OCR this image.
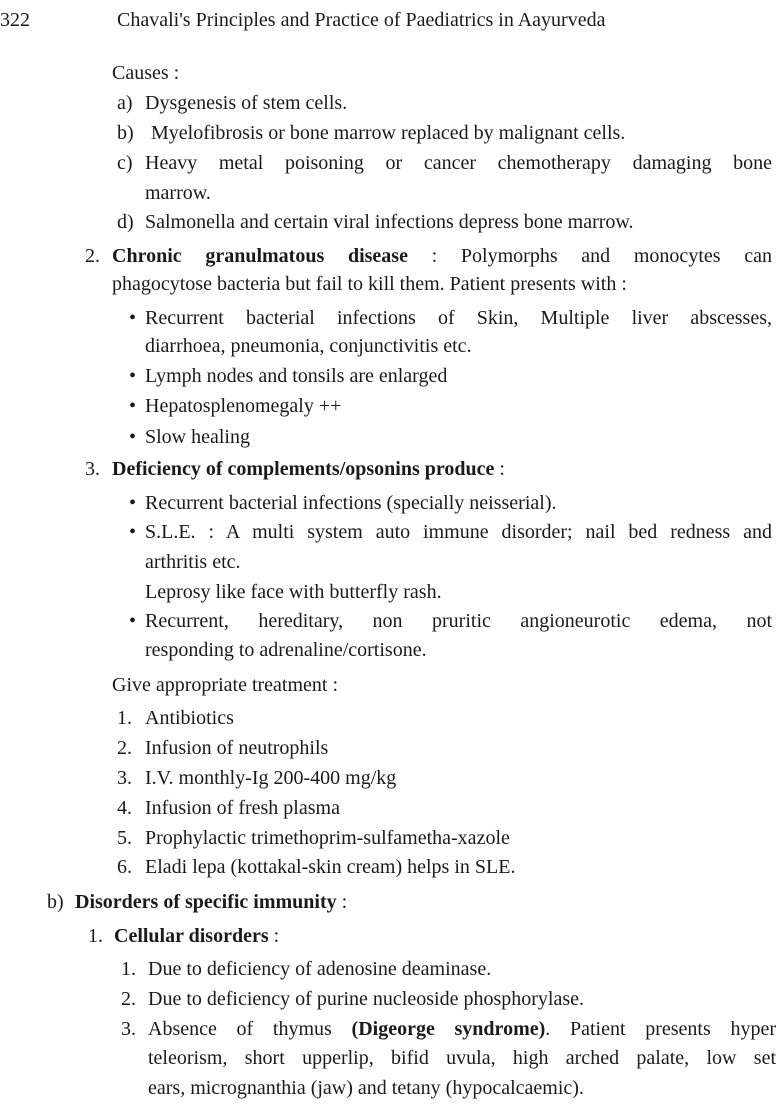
322	Chavali's Principles and Practice of Paediatrics in Aayurveda
Causes :
a) Dysgenesis of stem cells.
b) Myelofibrosis or bone marrow replaced by malignant cells.
c) Heavy metal poisoning or cancer chemotherapy damaging bone
marrow.
d) Salmonella and certain viral infections depress bone marrow.
2. Chronic granulmatous disease : Polymorphs and monocytes can
phagocytose bacteria but fail to kill them. Patient presents with :
• Recurrent bacterial infections of Skin, Multiple liver abscesses,
diarrhoea, pneumonia, conjunctivitis etc.
• Lymph nodes and tonsils are enlarged
• Hepatosplenomegaly ++
• Slow healing
3. Deficiency of complements/opsonins produce :
• Recurrent bacterial infections (specially neisserial).
• S.L.E. : A multi system auto immune disorder; nail bed redness and
arthritis etc.
Leprosy like face with butterfly rash.
• Recurrent, hereditary, non pruritic angioneurotic edema, not
responding to adrenaline/cortisone.
Give appropriate treatment :
1. Antibiotics
2. Infusion of neutrophils
3. I.V. monthly-Ig 200-400 mg/kg
4. Infusion of fresh plasma
5. Prophylactic trimethoprim-sulfametha-xazole
6. Eladi lepa (kottakal-skin cream) helps in SLE.
b) Disorders of specific immunity :
1. Cellular disorders :
1. Due to deficiency of adenosine deaminase.
2. Due to deficiency of purine nucleoside phosphorylase.
3. Absence of thymus (Digeorge syndrome). Patient presents hyper
teleorism, short upperlip, bifid uvula, high arched palate, low set
ears, micrognanthia (jaw) and tetany (hypocalcaemic).
